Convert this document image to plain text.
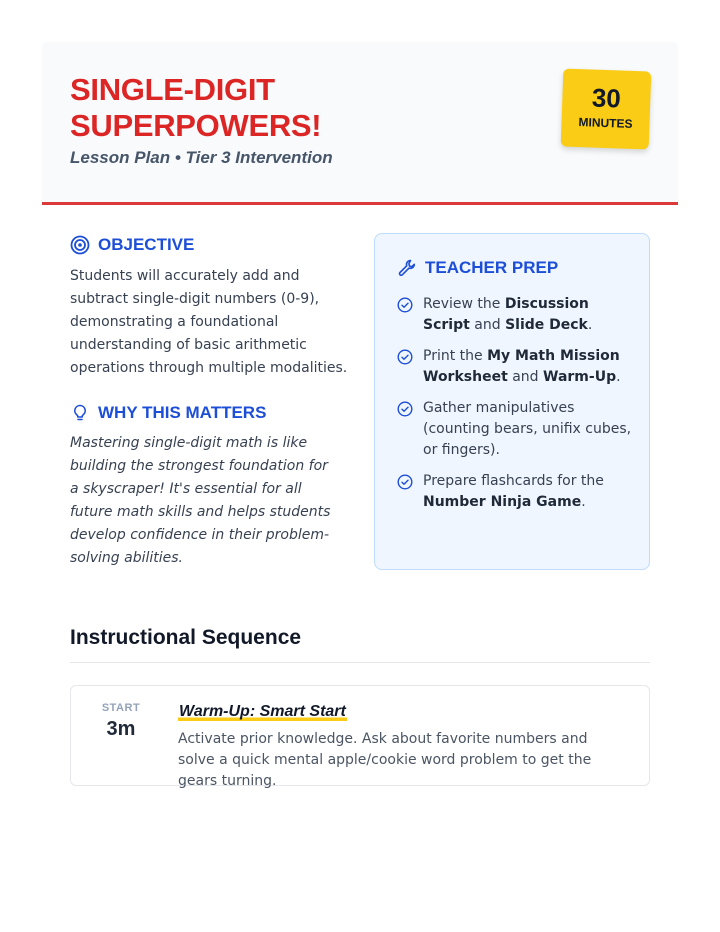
SINGLE-DIGIT
SUPERPOWERS!
Lesson Plan • Tier 3 Intervention
30
MINUTES
OBJECTIVE
Students will accurately add and subtract single-digit numbers (0-9), demonstrating a foundational understanding of basic arithmetic operations through multiple modalities.
WHY THIS MATTERS
Mastering single-digit math is like building the strongest foundation for a skyscraper! It's essential for all future math skills and helps students develop confidence in their problem-solving abilities.
TEACHER PREP
Review the Discussion Script and Slide Deck.
Print the My Math Mission Worksheet and Warm-Up.
Gather manipulatives (counting bears, unifix cubes, or fingers).
Prepare flashcards for the Number Ninja Game.
Instructional Sequence
START
3m
Warm-Up: Smart Start
Activate prior knowledge. Ask about favorite numbers and solve a quick mental apple/cookie word problem to get the gears turning.
